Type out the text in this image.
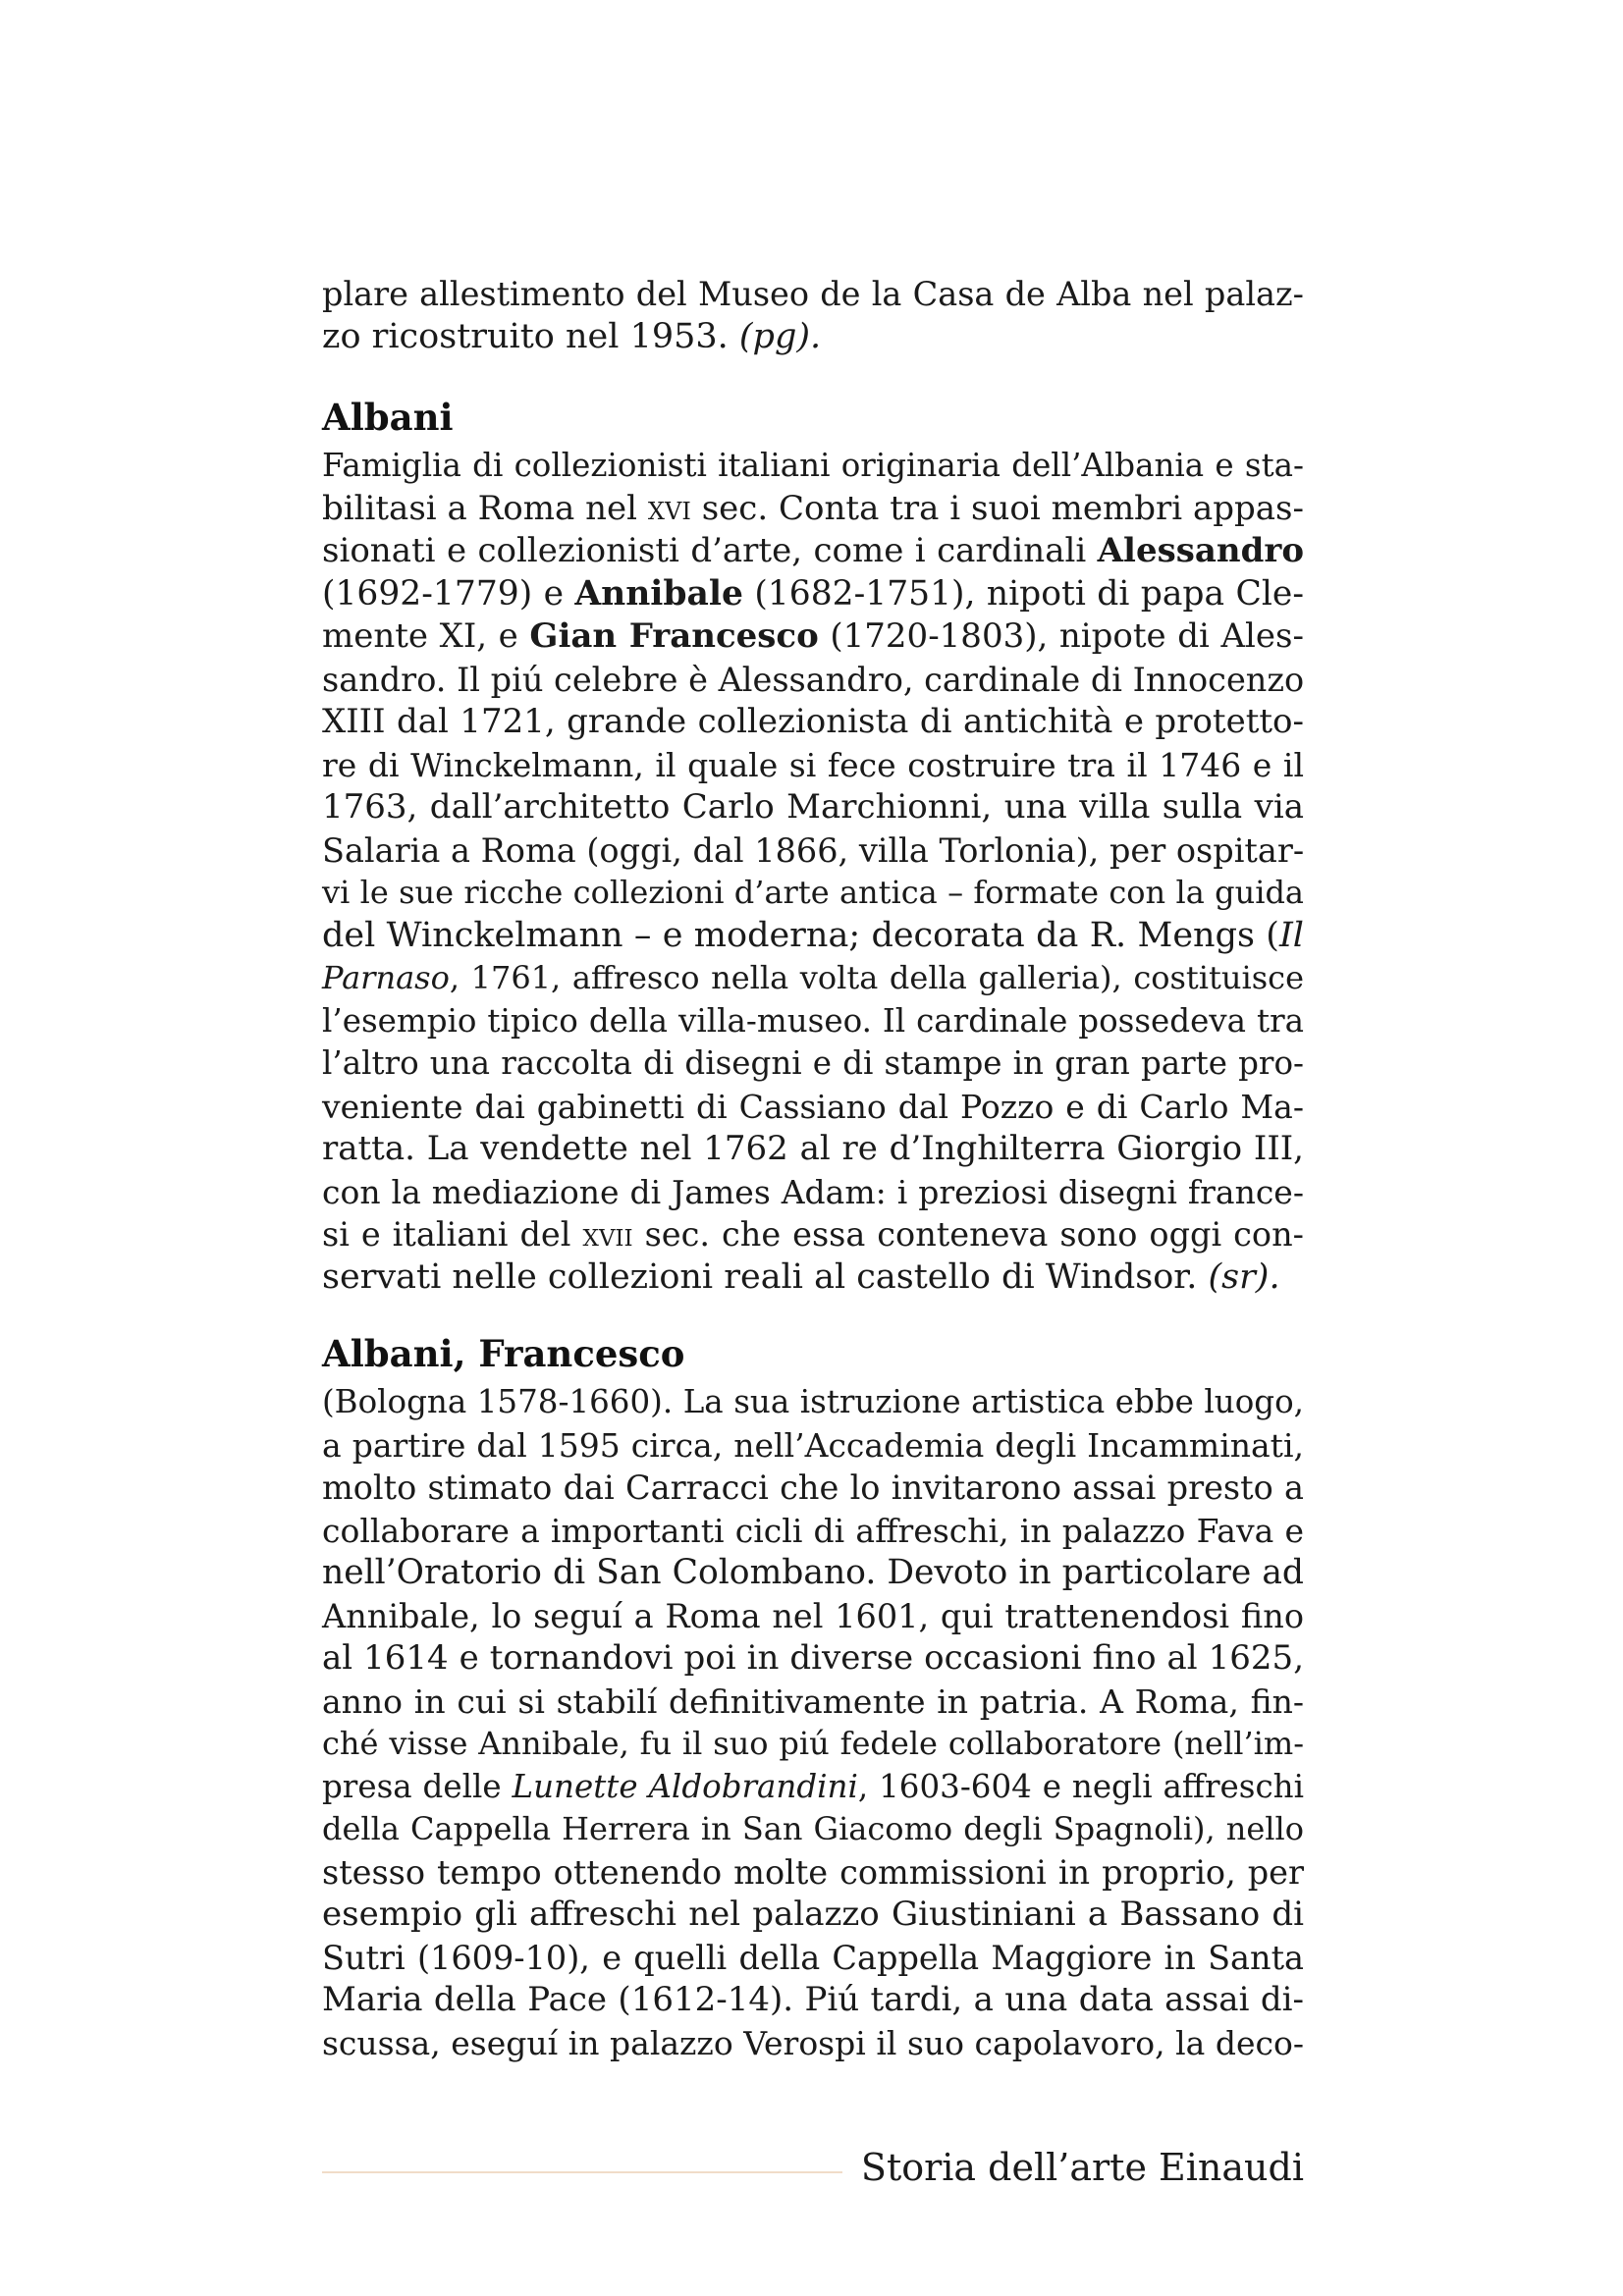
plare allestimento del Museo de la Casa de Alba nel palaz-
zo ricostruito nel 1953. (pg).
Albani
Famiglia di collezionisti italiani originaria dell’Albania e sta-
bilitasi a Roma nel xvi sec. Conta tra i suoi membri appas-
sionati e collezionisti d’arte, come i cardinali Alessandro
(1692-1779) e Annibale (1682-1751), nipoti di papa Cle-
mente XI, e Gian Francesco (1720-1803), nipote di Ales-
sandro. Il piú celebre è Alessandro, cardinale di Innocenzo
XIII dal 1721, grande collezionista di antichità e protetto-
re di Winckelmann, il quale si fece costruire tra il 1746 e il
1763, dall’architetto Carlo Marchionni, una villa sulla via
Salaria a Roma (oggi, dal 1866, villa Torlonia), per ospitar-
vi le sue ricche collezioni d’arte antica – formate con la guida
del Winckelmann – e moderna; decorata da R. Mengs (Il
Parnaso, 1761, affresco nella volta della galleria), costituisce
l’esempio tipico della villa-museo. Il cardinale possedeva tra
l’altro una raccolta di disegni e di stampe in gran parte pro-
veniente dai gabinetti di Cassiano dal Pozzo e di Carlo Ma-
ratta. La vendette nel 1762 al re d’Inghilterra Giorgio III,
con la mediazione di James Adam: i preziosi disegni france-
si e italiani del xvii sec. che essa conteneva sono oggi con-
servati nelle collezioni reali al castello di Windsor. (sr).
Albani, Francesco
(Bologna 1578-1660). La sua istruzione artistica ebbe luogo,
a partire dal 1595 circa, nell’Accademia degli Incamminati,
molto stimato dai Carracci che lo invitarono assai presto a
collaborare a importanti cicli di affreschi, in palazzo Fava e
nell’Oratorio di San Colombano. Devoto in particolare ad
Annibale, lo seguí a Roma nel 1601, qui trattenendosi fino
al 1614 e tornandovi poi in diverse occasioni fino al 1625,
anno in cui si stabilí definitivamente in patria. A Roma, fin-
ché visse Annibale, fu il suo piú fedele collaboratore (nell’im-
presa delle Lunette Aldobrandini, 1603-604 e negli affreschi
della Cappella Herrera in San Giacomo degli Spagnoli), nello
stesso tempo ottenendo molte commissioni in proprio, per
esempio gli affreschi nel palazzo Giustiniani a Bassano di
Sutri (1609-10), e quelli della Cappella Maggiore in Santa
Maria della Pace (1612-14). Piú tardi, a una data assai di-
scussa, eseguí in palazzo Verospi il suo capolavoro, la deco-
Storia dell’arte Einaudi
